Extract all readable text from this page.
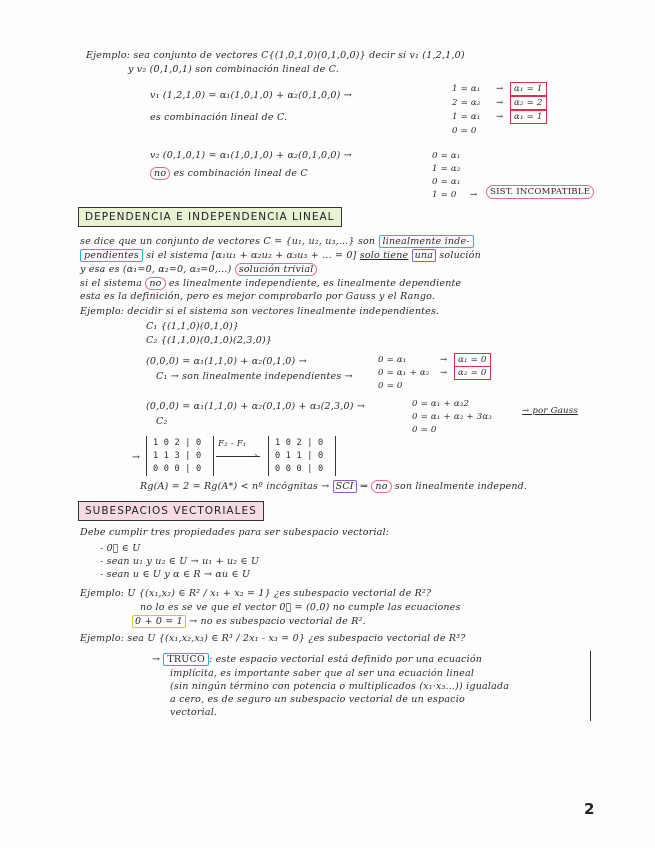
Ejemplo: sea conjunto de vectores C{(1,0,1,0)(0,1,0,0)} decir si v₁ (1,2,1,0)
y v₂ (0,1,0,1) son combinación lineal de C.
v₁ (1,2,1,0) = α₁(1,0,1,0) + α₂(0,1,0,0) →
es combinación lineal de C.
1 = α₁
2 = α₂
1 = α₁
0 = 0
→
→
→
α₁ = 1
α₂ = 2
α₁ = 1
v₂ (0,1,0,1) = α₁(1,0,1,0) + α₂(0,1,0,0) →
no es combinación lineal de C
0 = α₁
1 = α₂
0 = α₁
1 = 0 →	SIST. INCOMPATIBLE
DEPENDENCIA E INDEPENDENCIA LINEAL
se dice que un conjunto de vectores C = {u₁, u₂, u₃,...} son linealmente inde-
pendientes si el sistema [α₁u₁ + α₂u₂ + α₃u₃ + ... = 0] solo tiene una solución
y esa es (α₁=0, α₂=0, α₃=0,...) solución trivial
si el sistema no es linealmente independiente, es linealmente dependiente
esta es la definición, pero es mejor comprobarlo por Gauss y el Rango.
Ejemplo: decidir si el sistema son vectores linealmente independientes.
C₁ {(1,1,0)(0,1,0)}
C₂ {(1,1,0)(0,1,0)(2,3,0)}
(0,0,0) = α₁(1,1,0) + α₂(0,1,0) →
C₁ → son linealmente independientes →
0 = α₁
0 = α₁ + α₂
0 = 0
→
→
α₁ = 0
α₂ = 0
(0,0,0) = α₁(1,1,0) + α₂(0,1,0) + α₃(2,3,0) →
C₂
0 = α₁ + α₃2
0 = α₁ + α₂ + 3α₃
0 = 0
→ por Gauss
→
1 0 2 | 0
1 1 3 | 0
0 0 0 | 0
F₂ - F₁
›
1 0 2 | 0
0 1 1 | 0
0 0 0 | 0
Rg(A) = 2 = Rg(A*) < nº incógnitas → SCI ⇒ no son linealmente independ.
SUBESPACIOS VECTORIALES
Debe cumplir tres propiedades para ser subespacio vectorial:
- 0⃗ ∈ U
- sean u₁ y u₂ ∈ U → u₁ + u₂ ∈ U
- sean u ∈ U y α ∈ R → αu ∈ U
Ejemplo: U {(x₁,x₂) ∈ R² / x₁ + x₂ = 1} ¿es subespacio vectorial de R²?
no lo es se ve que el vector 0⃗ = (0,0) no cumple las ecuaciones
0 + 0 = 1 → no es subespacio vectorial de R².
Ejemplo: sea U {(x₁,x₂,x₃) ∈ R³ / 2x₁ - x₃ = 0} ¿es subespacio vectorial de R³?
→ TRUCO : este espacio vectorial está definido por una ecuación
implícita, es importante saber que al ser una ecuación lineal
(sin ningún término con potencia o multiplicados (x₁·x₃...)) igualada
a cero, es de seguro un subespacio vectorial de un espacio
vectorial.
2
